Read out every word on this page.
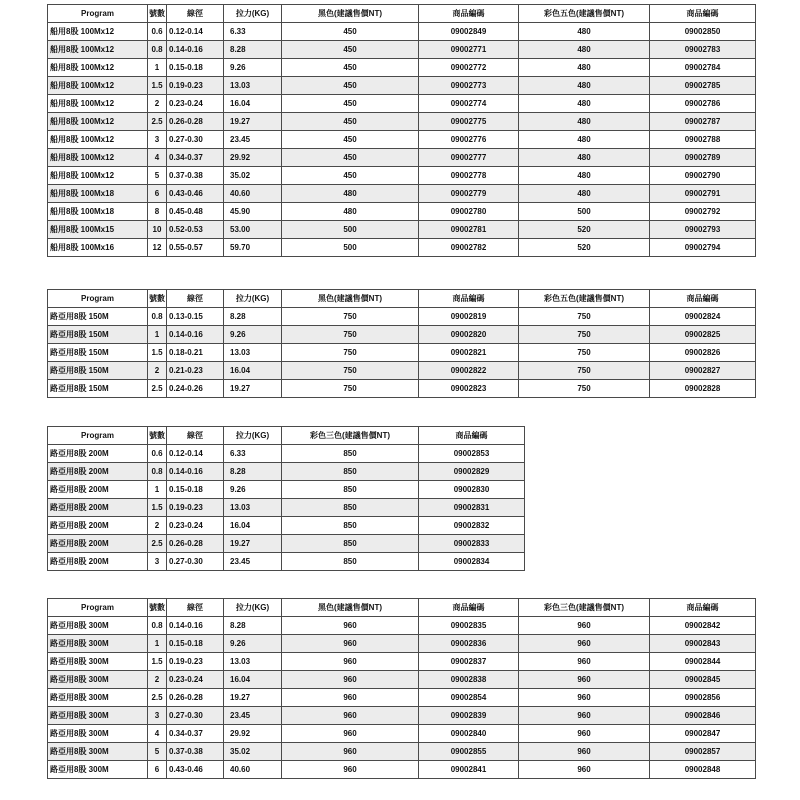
Program	號數	線徑	拉力(KG)	黑色(建議售價NT)	商品編碼	彩色五色(建議售價NT)	商品編碼
船用8股 100Mx12	0.6	0.12-0.14	6.33	450	09002849	480	09002850
船用8股 100Mx12	0.8	0.14-0.16	8.28	450	09002771	480	09002783
船用8股 100Mx12	1	0.15-0.18	9.26	450	09002772	480	09002784
船用8股 100Mx12	1.5	0.19-0.23	13.03	450	09002773	480	09002785
船用8股 100Mx12	2	0.23-0.24	16.04	450	09002774	480	09002786
船用8股 100Mx12	2.5	0.26-0.28	19.27	450	09002775	480	09002787
船用8股 100Mx12	3	0.27-0.30	23.45	450	09002776	480	09002788
船用8股 100Mx12	4	0.34-0.37	29.92	450	09002777	480	09002789
船用8股 100Mx12	5	0.37-0.38	35.02	450	09002778	480	09002790
船用8股 100Mx18	6	0.43-0.46	40.60	480	09002779	480	09002791
船用8股 100Mx18	8	0.45-0.48	45.90	480	09002780	500	09002792
船用8股 100Mx15	10	0.52-0.53	53.00	500	09002781	520	09002793
船用8股 100Mx16	12	0.55-0.57	59.70	500	09002782	520	09002794
Program	號數	線徑	拉力(KG)	黑色(建議售價NT)	商品編碼	彩色五色(建議售價NT)	商品編碼
路亞用8股 150M	0.8	0.13-0.15	8.28	750	09002819	750	09002824
路亞用8股 150M	1	0.14-0.16	9.26	750	09002820	750	09002825
路亞用8股 150M	1.5	0.18-0.21	13.03	750	09002821	750	09002826
路亞用8股 150M	2	0.21-0.23	16.04	750	09002822	750	09002827
路亞用8股 150M	2.5	0.24-0.26	19.27	750	09002823	750	09002828
Program	號數	線徑	拉力(KG)	彩色三色(建議售價NT)	商品編碼
路亞用8股 200M	0.6	0.12-0.14	6.33	850	09002853
路亞用8股 200M	0.8	0.14-0.16	8.28	850	09002829
路亞用8股 200M	1	0.15-0.18	9.26	850	09002830
路亞用8股 200M	1.5	0.19-0.23	13.03	850	09002831
路亞用8股 200M	2	0.23-0.24	16.04	850	09002832
路亞用8股 200M	2.5	0.26-0.28	19.27	850	09002833
路亞用8股 200M	3	0.27-0.30	23.45	850	09002834
Program	號數	線徑	拉力(KG)	黑色(建議售價NT)	商品編碼	彩色三色(建議售價NT)	商品編碼
路亞用8股 300M	0.8	0.14-0.16	8.28	960	09002835	960	09002842
路亞用8股 300M	1	0.15-0.18	9.26	960	09002836	960	09002843
路亞用8股 300M	1.5	0.19-0.23	13.03	960	09002837	960	09002844
路亞用8股 300M	2	0.23-0.24	16.04	960	09002838	960	09002845
路亞用8股 300M	2.5	0.26-0.28	19.27	960	09002854	960	09002856
路亞用8股 300M	3	0.27-0.30	23.45	960	09002839	960	09002846
路亞用8股 300M	4	0.34-0.37	29.92	960	09002840	960	09002847
路亞用8股 300M	5	0.37-0.38	35.02	960	09002855	960	09002857
路亞用8股 300M	6	0.43-0.46	40.60	960	09002841	960	09002848
